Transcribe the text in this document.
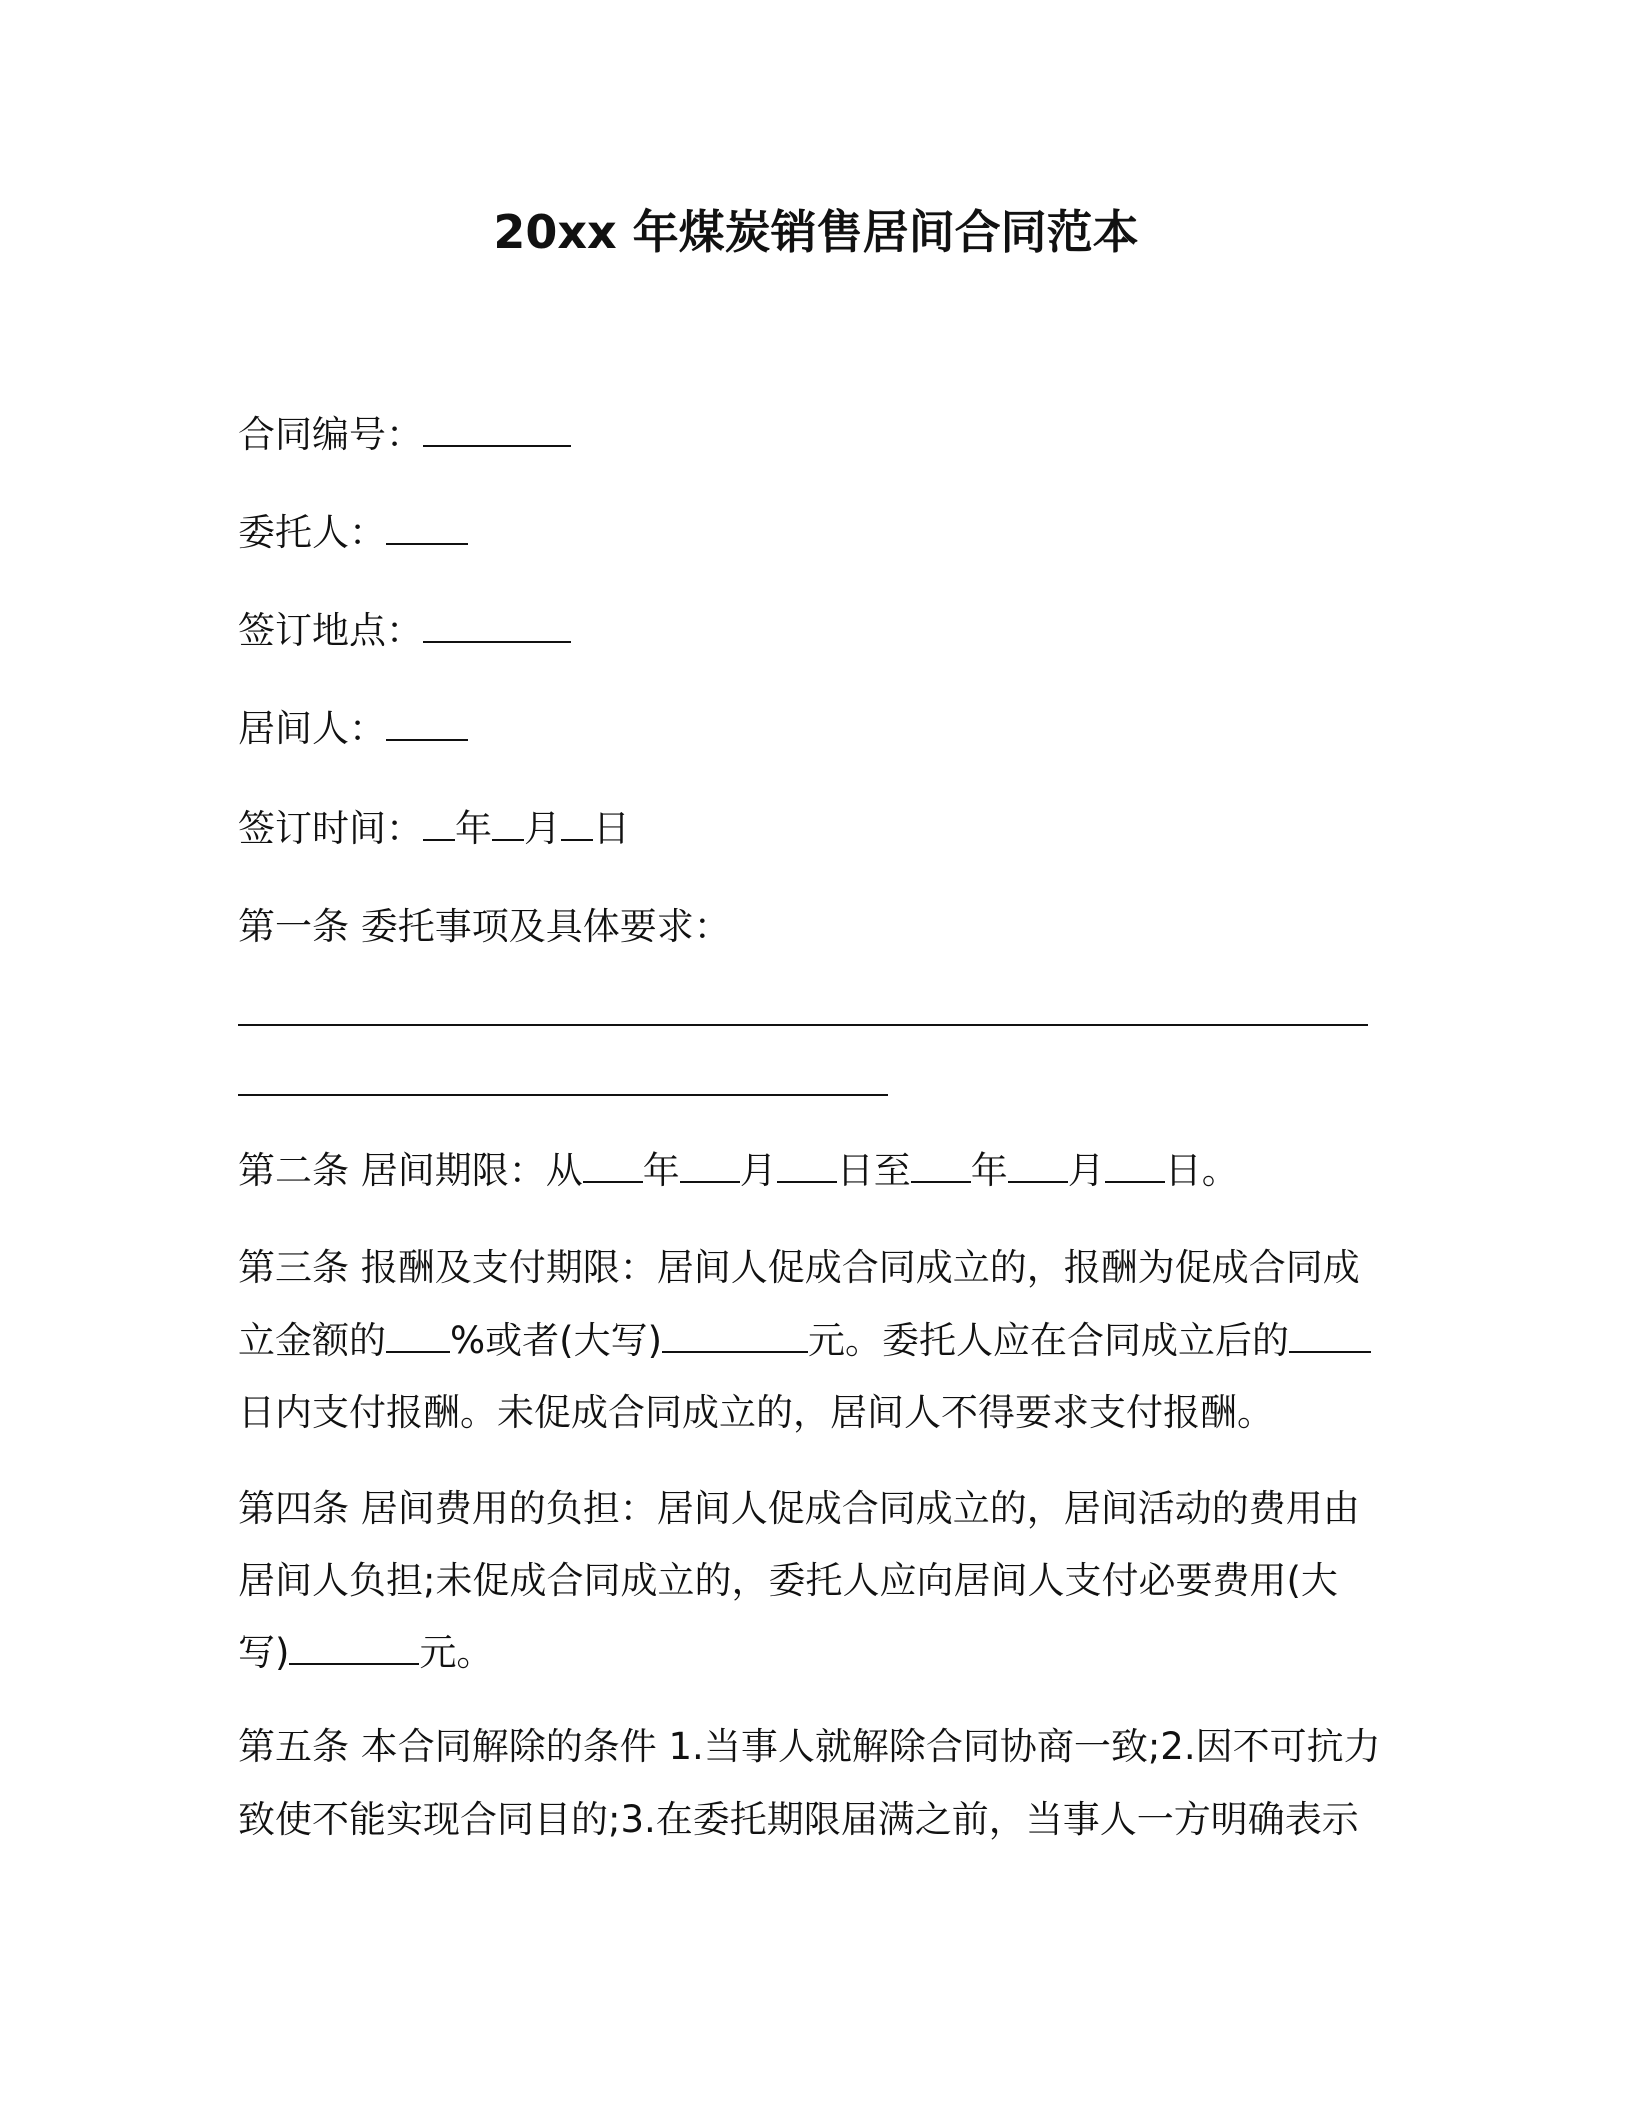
20xx 年煤炭销售居间合同范本

合同编号：

委托人：

签订地点：

居间人：

签订时间： 年 月 日

第一条 委托事项及具体要求：

第二条 居间期限：从 年 月 日至 年 月 日。

第三条 报酬及支付期限：居间人促成合同成立的，报酬为促成合同成

立金额的 %或者(大写)	元。委托人应在合同成立后的

日内支付报酬。未促成合同成立的，居间人不得要求支付报酬。

第四条 居间费用的负担：居间人促成合同成立的，居间活动的费用由

居间人负担;未促成合同成立的，委托人应向居间人支付必要费用(大

写)	元。

第五条 本合同解除的条件 1.当事人就解除合同协商一致;2.因不可抗力

致使不能实现合同目的;3.在委托期限届满之前，当事人一方明确表示
